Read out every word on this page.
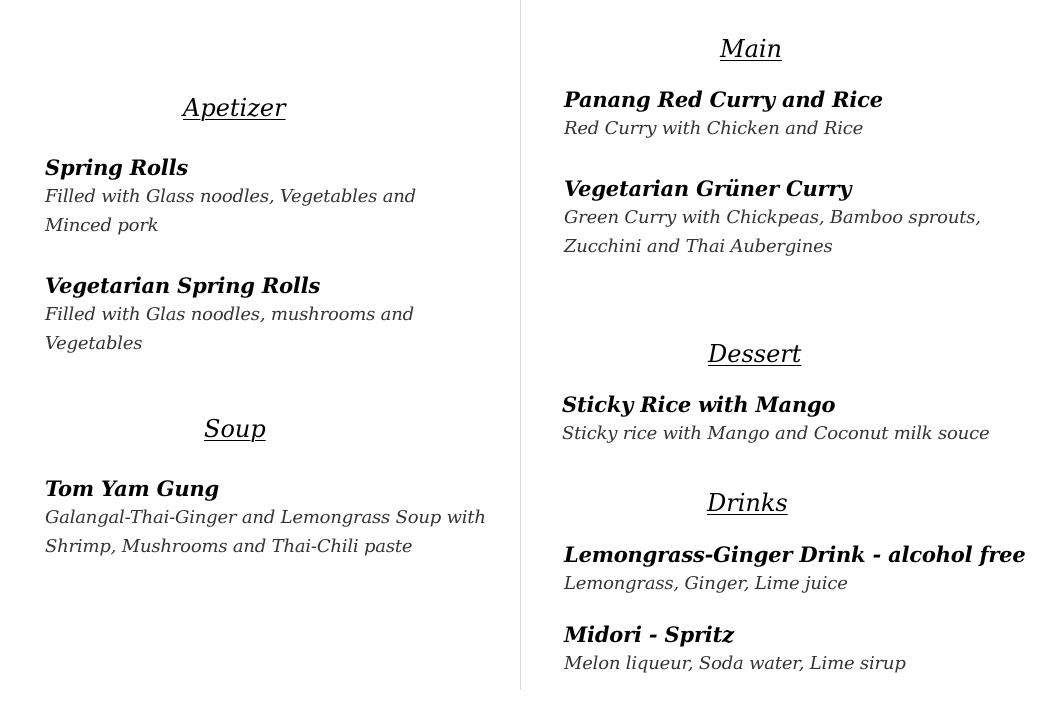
Apetizer
Spring Rolls
Filled with Glass noodles, Vegetables and Minced pork
Vegetarian Spring Rolls
Filled with Glas noodles, mushrooms and Vegetables
Soup
Tom Yam Gung
Galangal-Thai-Ginger and Lemongrass Soup with Shrimp, Mushrooms and Thai-Chili paste
Main
Panang Red Curry and Rice
Red Curry with Chicken and Rice
Vegetarian Grüner Curry
Green Curry with Chickpeas, Bamboo sprouts, Zucchini and Thai Aubergines
Dessert
Sticky Rice with Mango
Sticky rice with Mango and Coconut milk souce
Drinks
Lemongrass-Ginger Drink - alcohol free
Lemongrass, Ginger, Lime juice
Midori - Spritz
Melon liqueur, Soda water, Lime sirup
